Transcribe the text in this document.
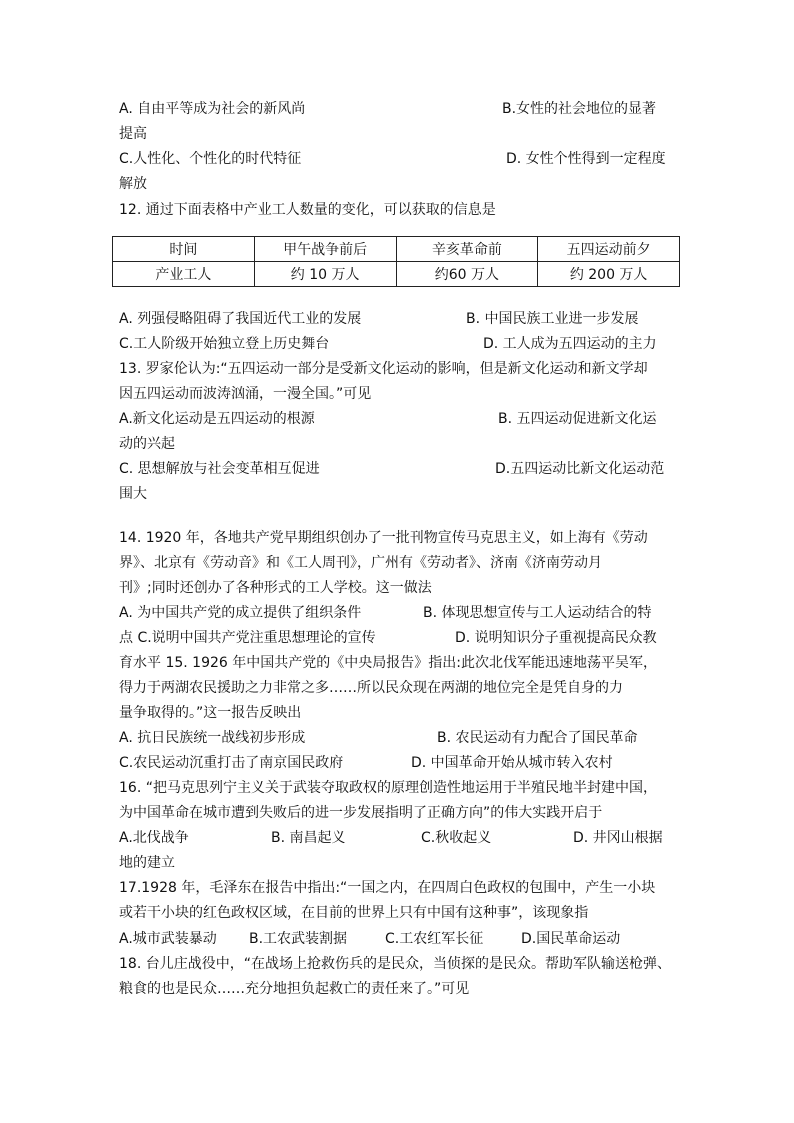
A. 自由平等成为社会的新风尚	B.女性的社会地位的显著
提高
C.人性化、个性化的时代特征	D. 女性个性得到一定程度
解放
12. 通过下面表格中产业工人数量的变化，可以获取的信息是
时间	甲午战争前后	辛亥革命前	五四运动前夕
产业工人	约 10 万人	约60 万人	约 200 万人
A. 列强侵略阻碍了我国近代工业的发展	B. 中国民族工业进一步发展
C.工人阶级开始独立登上历史舞台	D. 工人成为五四运动的主力
13. 罗家伦认为:“五四运动一部分是受新文化运动的影响，但是新文化运动和新文学却
因五四运动而波涛汹涌，一漫全国。”可见
A.新文化运动是五四运动的根源	B. 五四运动促进新文化运
动的兴起
C. 思想解放与社会变革相互促进	D.五四运动比新文化运动范
围大
14. 1920 年，各地共产党早期组织创办了一批刊物宣传马克思主义，如上海有《劳动
界》、北京有《劳动音》和《工人周刊》，广州有《劳动者》、济南《济南劳动月
刊》;同时还创办了各种形式的工人学校。这一做法
A. 为中国共产党的成立提供了组织条件	B. 体现思想宣传与工人运动结合的特
点 C.说明中国共产党注重思想理论的宣传	D. 说明知识分子重视提高民众教
育水平 15. 1926 年中国共产党的《中央局报告》指出:此次北伐军能迅速地荡平吴军，
得力于两湖农民援助之力非常之多……所以民众现在两湖的地位完全是凭自身的力
量争取得的。”这一报告反映出
A. 抗日民族统一战线初步形成	B. 农民运动有力配合了国民革命
C.农民运动沉重打击了南京国民政府	D. 中国革命开始从城市转入农村
16. “把马克思列宁主义关于武装夺取政权的原理创造性地运用于半殖民地半封建中国，
为中国革命在城市遭到失败后的进一步发展指明了正确方向”的伟大实践开启于
A.北伐战争	B. 南昌起义	C.秋收起义	D. 井冈山根据
地的建立
17.1928 年，毛泽东在报告中指出:“一国之内，在四周白色政权的包围中，产生一小块
或若干小块的红色政权区域，在目前的世界上只有中国有这种事”，该现象指
A.城市武装暴动 B.工农武装割据	C.工农红军长征	D.国民革命运动
18. 台儿庄战役中，“在战场上抢救伤兵的是民众，当侦探的是民众。帮助军队输送枪弹、
粮食的也是民众……充分地担负起救亡的责任来了。”可见
